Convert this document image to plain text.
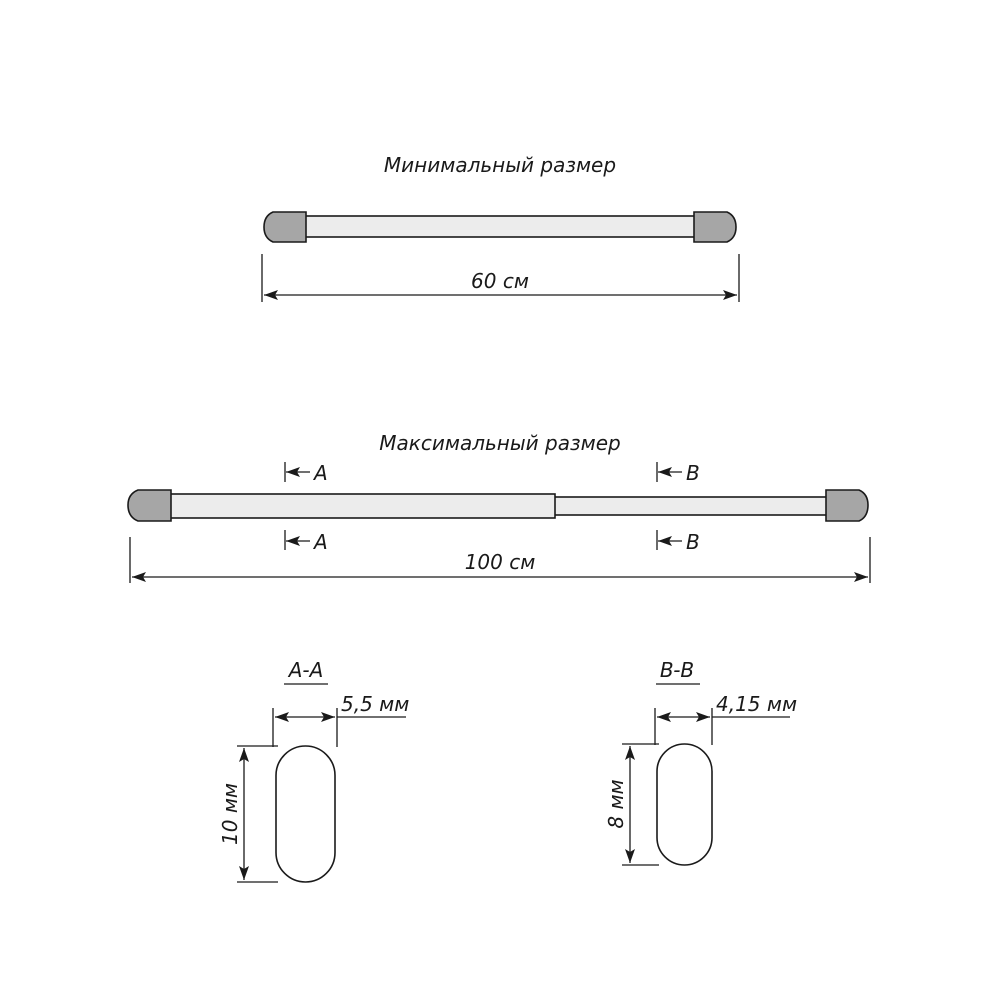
Минимальный размер
60 см
Максимальный размер
A
A
B
B
100 см
A-A
5,5 мм
10 мм
B-B
4,15 мм
8 мм
